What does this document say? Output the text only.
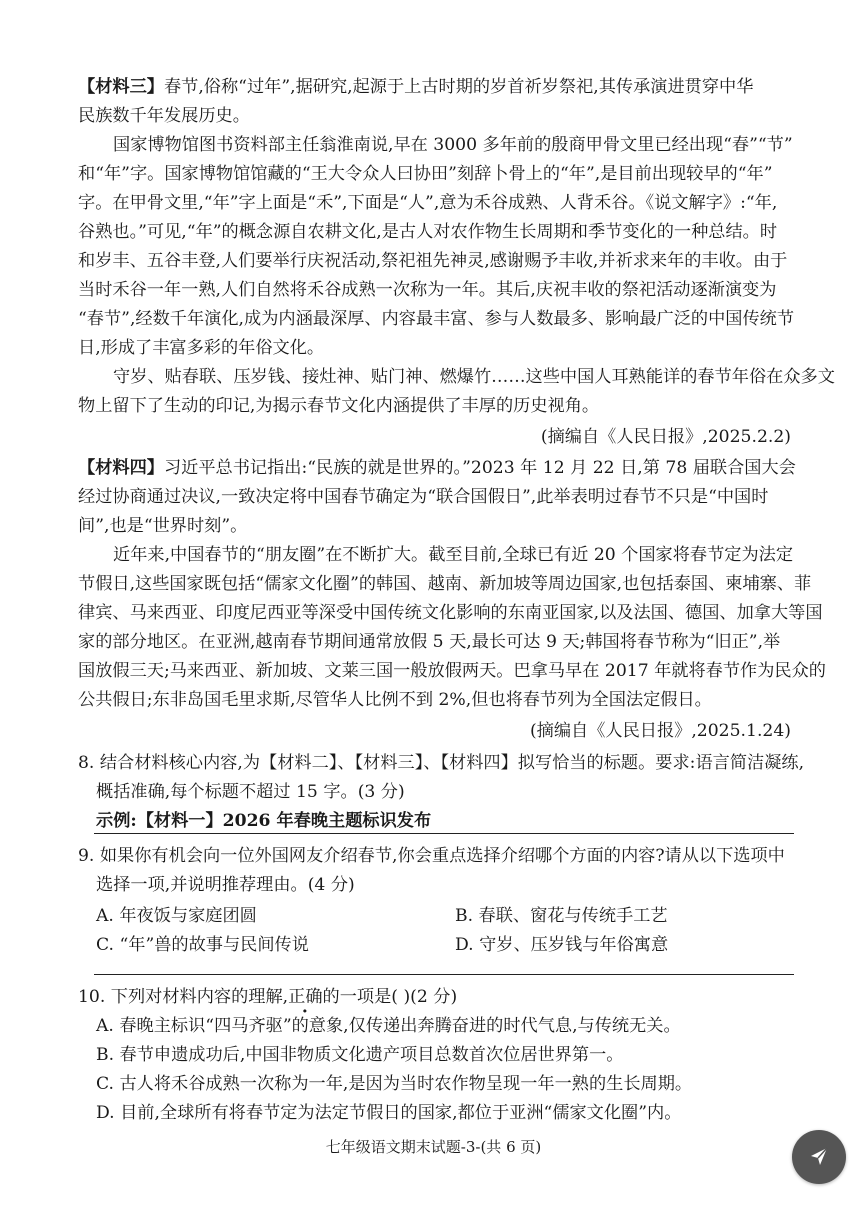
【材料三】春节,俗称“过年”,据研究,起源于上古时期的岁首祈岁祭祀,其传承演进贯穿中华
民族数千年发展历史。
国家博物馆图书资料部主任翁淮南说,早在 3000 多年前的殷商甲骨文里已经出现“春”“节”
和“年”字。国家博物馆馆藏的“王大令众人曰协田”刻辞卜骨上的“年”,是目前出现较早的“年”
字。在甲骨文里,“年”字上面是“禾”,下面是“人”,意为禾谷成熟、人背禾谷。《说文解字》:“年,
谷熟也。”可见,“年”的概念源自农耕文化,是古人对农作物生长周期和季节变化的一种总结。时
和岁丰、五谷丰登,人们要举行庆祝活动,祭祀祖先神灵,感谢赐予丰收,并祈求来年的丰收。由于
当时禾谷一年一熟,人们自然将禾谷成熟一次称为一年。其后,庆祝丰收的祭祀活动逐渐演变为
“春节”,经数千年演化,成为内涵最深厚、内容最丰富、参与人数最多、影响最广泛的中国传统节
日,形成了丰富多彩的年俗文化。
守岁、贴春联、压岁钱、接灶神、贴门神、燃爆竹……这些中国人耳熟能详的春节年俗在众多文
物上留下了生动的印记,为揭示春节文化内涵提供了丰厚的历史视角。
(摘编自《人民日报》,2025.2.2)
【材料四】习近平总书记指出:“民族的就是世界的。”2023 年 12 月 22 日,第 78 届联合国大会
经过协商通过决议,一致决定将中国春节确定为“联合国假日”,此举表明过春节不只是“中国时
间”,也是“世界时刻”。
近年来,中国春节的“朋友圈”在不断扩大。截至目前,全球已有近 20 个国家将春节定为法定
节假日,这些国家既包括“儒家文化圈”的韩国、越南、新加坡等周边国家,也包括泰国、柬埔寨、菲
律宾、马来西亚、印度尼西亚等深受中国传统文化影响的东南亚国家,以及法国、德国、加拿大等国
家的部分地区。在亚洲,越南春节期间通常放假 5 天,最长可达 9 天;韩国将春节称为“旧正”,举
国放假三天;马来西亚、新加坡、文莱三国一般放假两天。巴拿马早在 2017 年就将春节作为民众的
公共假日;东非岛国毛里求斯,尽管华人比例不到 2%,但也将春节列为全国法定假日。
(摘编自《人民日报》,2025.1.24)
8. 结合材料核心内容,为【材料二】、【材料三】、【材料四】拟写恰当的标题。要求:语言简洁凝练,
概括准确,每个标题不超过 15 字。(3 分)
示例:【材料一】2026 年春晚主题标识发布
9. 如果你有机会向一位外国网友介绍春节,你会重点选择介绍哪个方面的内容?请从以下选项中
选择一项,并说明推荐理由。(4 分)
A. 年夜饭与家庭团圆	B. 春联、窗花与传统手工艺
C. “年”兽的故事与民间传说	D. 守岁、压岁钱与年俗寓意
10. 下列对材料内容的理解,正确的一项是( )(2 分)
A. 春晚主标识“四马齐驱”的意象,仅传递出奔腾奋进的时代气息,与传统无关。
B. 春节申遗成功后,中国非物质文化遗产项目总数首次位居世界第一。
C. 古人将禾谷成熟一次称为一年,是因为当时农作物呈现一年一熟的生长周期。
D. 目前,全球所有将春节定为法定节假日的国家,都位于亚洲“儒家文化圈”内。
七年级语文期末试题-3-(共 6 页)
